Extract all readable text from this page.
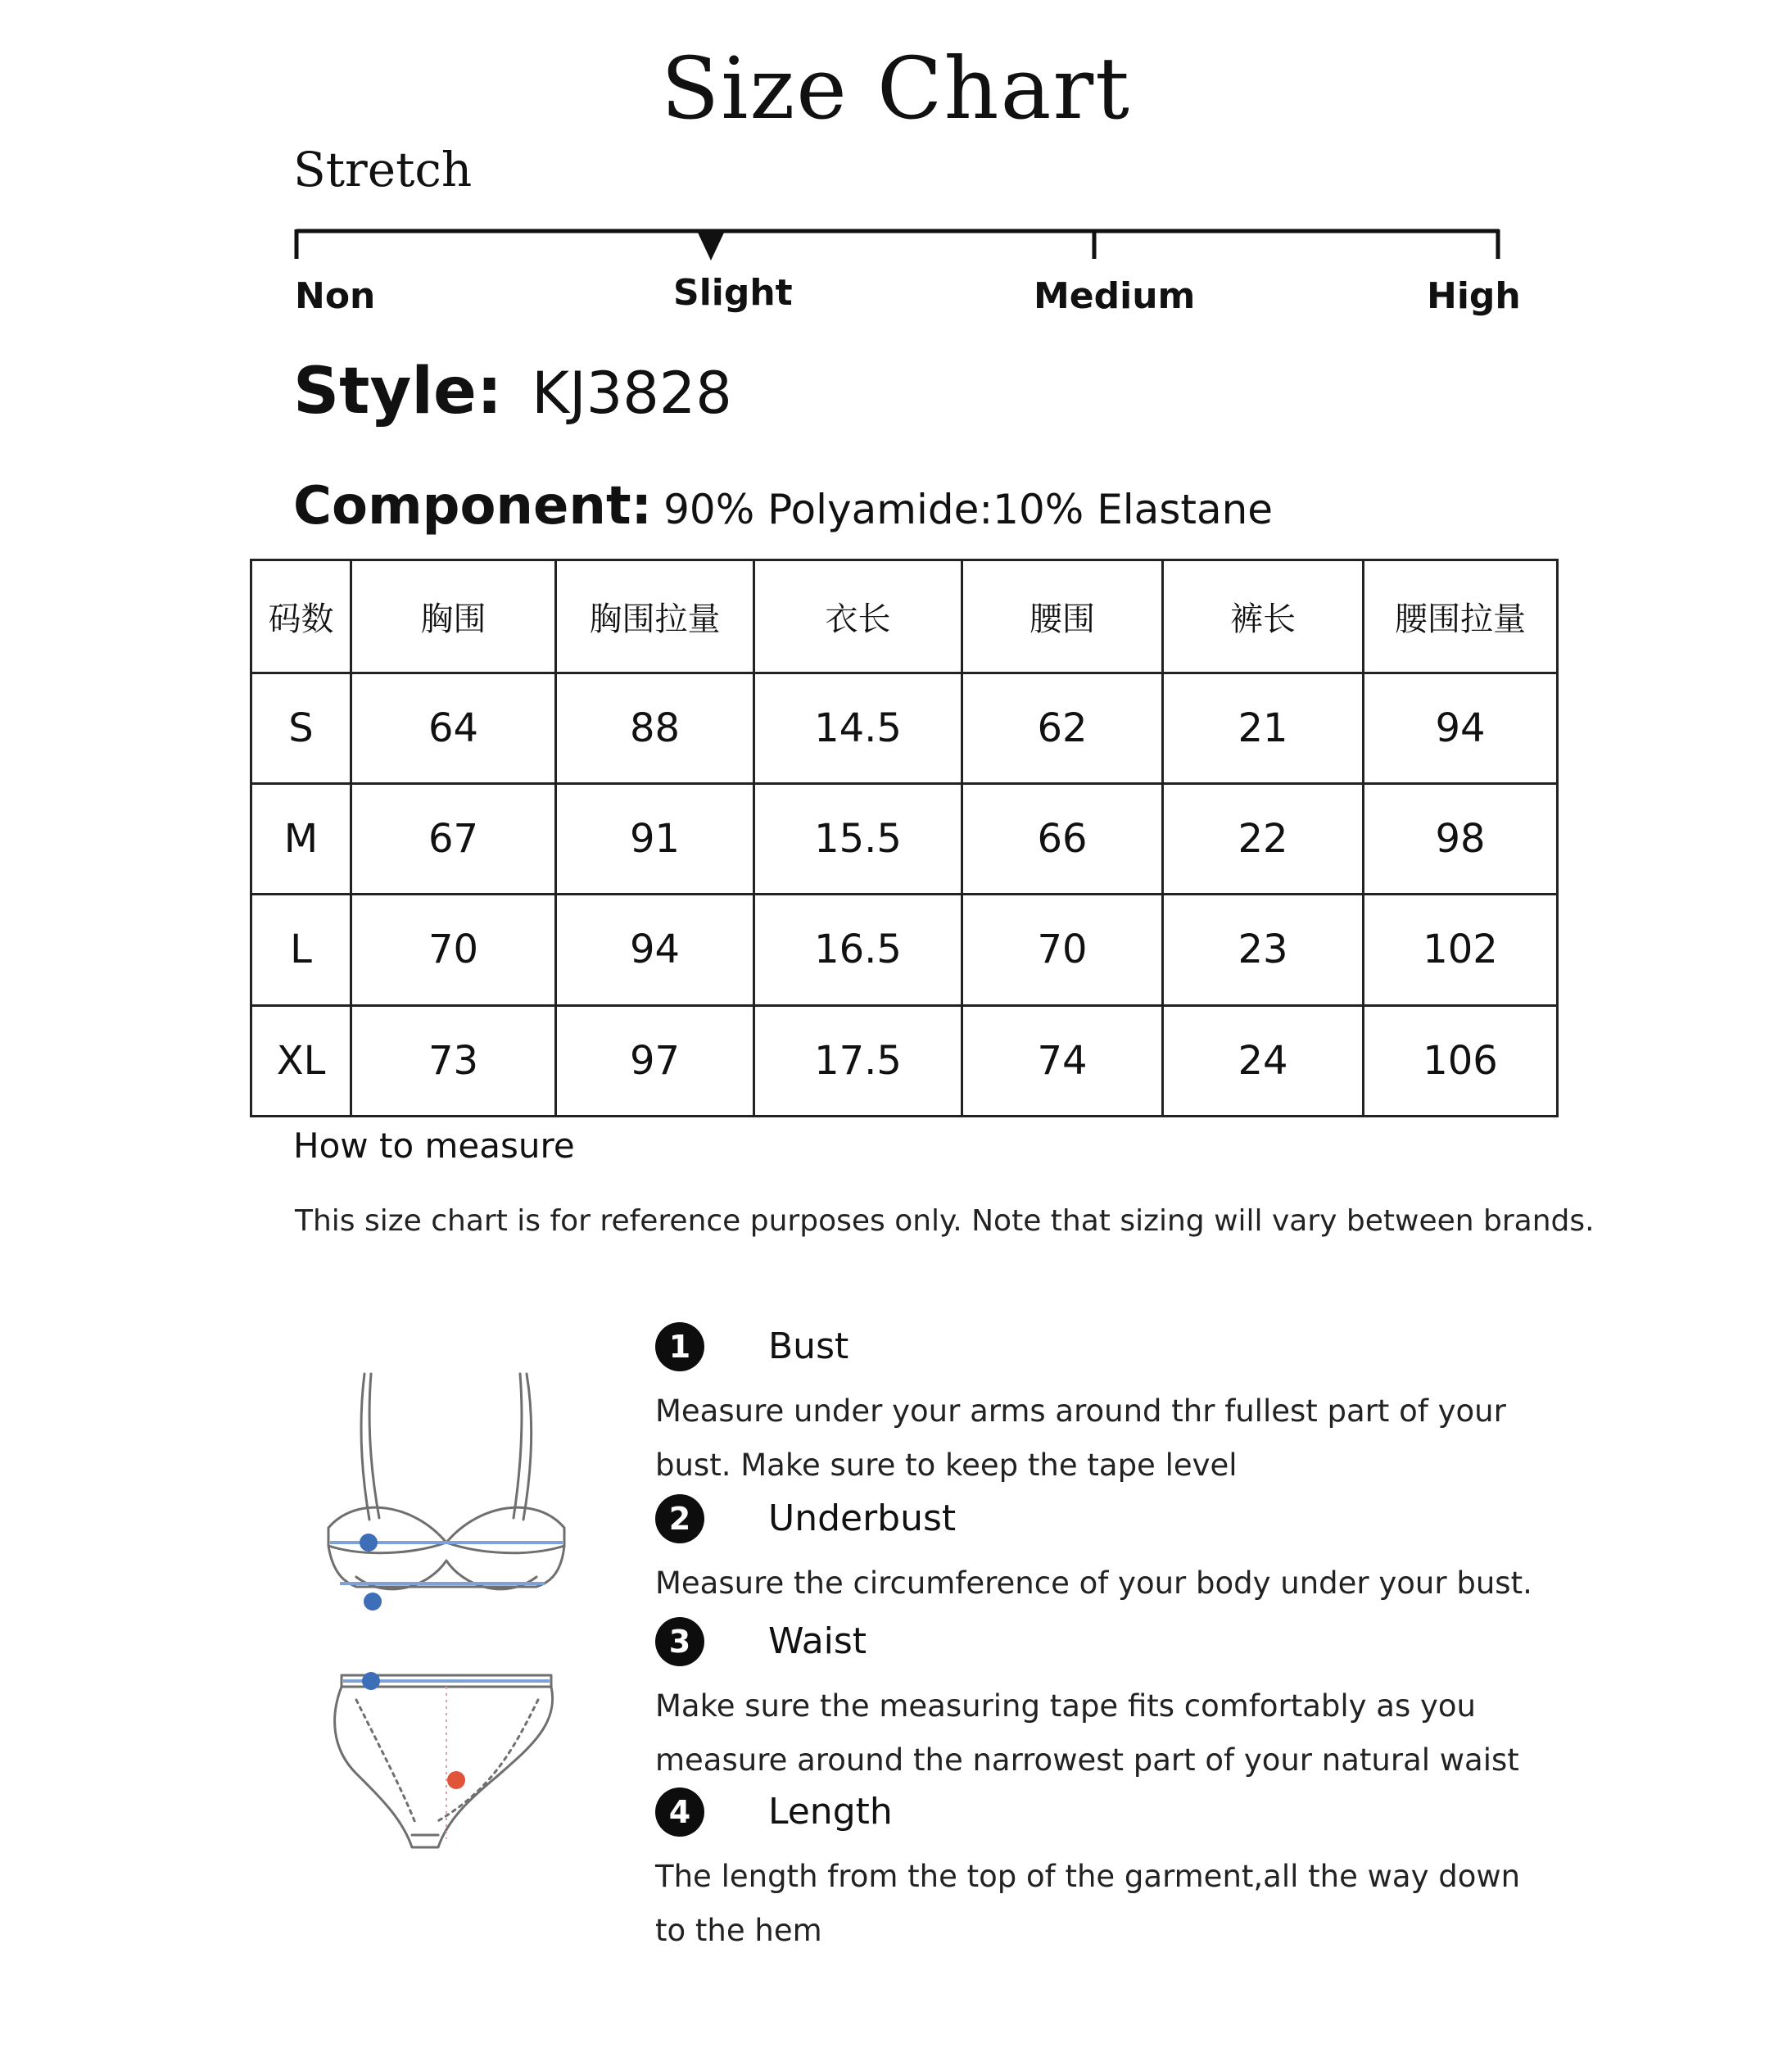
Size Chart
Stretch
Non	Slight	Medium	High
Style: KJ3828
Component: 90% Polyamide:10% Elastane
码数	胸围	胸围拉量	衣长	腰围	裤长	腰围拉量
S	64	88	14.5	62	21	94
M	67	91	15.5	66	22	98
L	70	94	16.5	70	23	102
XL	73	97	17.5	74	24	106
How to measure
This size chart is for reference purposes only. Note that sizing will vary between brands.
1	Bust
Measure under your arms around thr fullest part of your bust. Make sure to keep the tape level
2	Underbust
Measure the circumference of your body under your bust.
3	Waist
Make sure the measuring tape fits comfortably as you measure around the narrowest part of your natural waist
4	Length
The length from the top of the garment,all the way down to the hem
